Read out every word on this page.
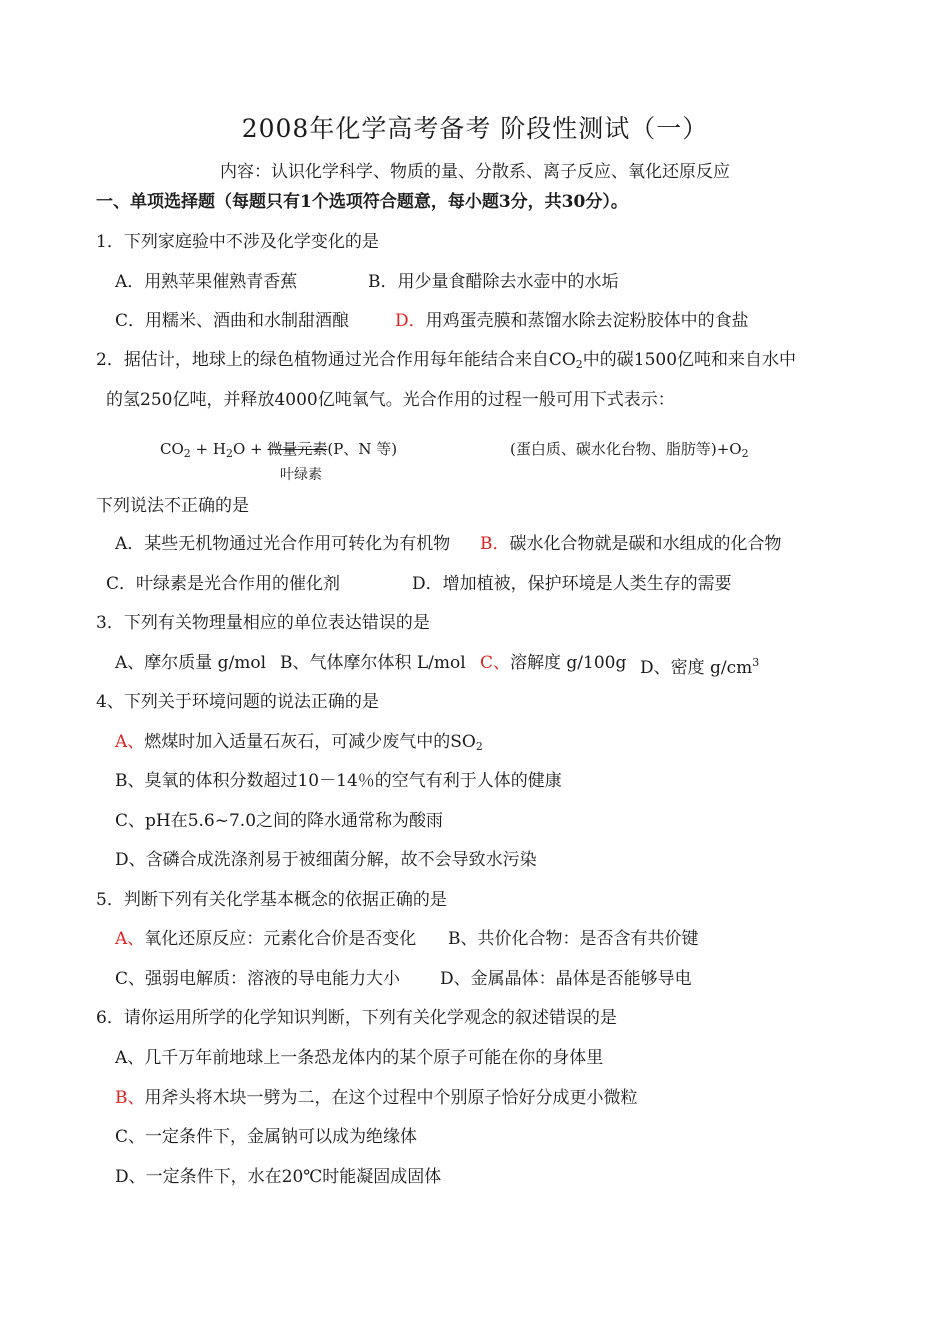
2008年化学高考备考 阶段性测试（一）
内容：认识化学科学、物质的量、分散系、离子反应、氧化还原反应
一、单项选择题（每题只有1个选项符合题意，每小题3分，共30分）。
1．下列家庭验中不涉及化学变化的是
A．用熟苹果催熟青香蕉	B．用少量食醋除去水壶中的水垢
C．用糯米、酒曲和水制甜酒酿	D．用鸡蛋壳膜和蒸馏水除去淀粉胶体中的食盐
2．据估计，地球上的绿色植物通过光合作用每年能结合来自$CO_2$中的碳1500亿吨和来自水中
的氢250亿吨，并释放4000亿吨氧气。光合作用的过程一般可用下式表示：
$CO_2 + H_2O$ + 微量元素(P、N 等)
叶绿素
(蛋白质、碳水化台物、脂肪等)$+O_2$
下列说法不正确的是
A．某些无机物通过光合作用可转化为有机物 B．碳水化合物就是碳和水组成的化合物
C．叶绿素是光合作用的催化剂	D．增加植被，保护环境是人类生存的需要
3．下列有关物理量相应的单位表达错误的是
A、摩尔质量 g/mol B、气体摩尔体积 L/mol C、溶解度 g/100g D、密度 $g/cm^3$
4、下列关于环境问题的说法正确的是
A、燃煤时加入适量石灰石，可减少废气中的$SO_2$
B、臭氧的体积分数超过10－14％的空气有利于人体的健康
C、pH在5.6~7.0之间的降水通常称为酸雨
D、含磷合成洗涤剂易于被细菌分解，故不会导致水污染
5．判断下列有关化学基本概念的依据正确的是
A、氧化还原反应：元素化合价是否变化 B、共价化合物：是否含有共价键
C、强弱电解质：溶液的导电能力大小 D、金属晶体：晶体是否能够导电
6．请你运用所学的化学知识判断，下列有关化学观念的叙述错误的是
A、几千万年前地球上一条恐龙体内的某个原子可能在你的身体里
B、用斧头将木块一劈为二，在这个过程中个别原子恰好分成更小微粒
C、一定条件下，金属钠可以成为绝缘体
D、一定条件下，水在20℃时能凝固成固体
